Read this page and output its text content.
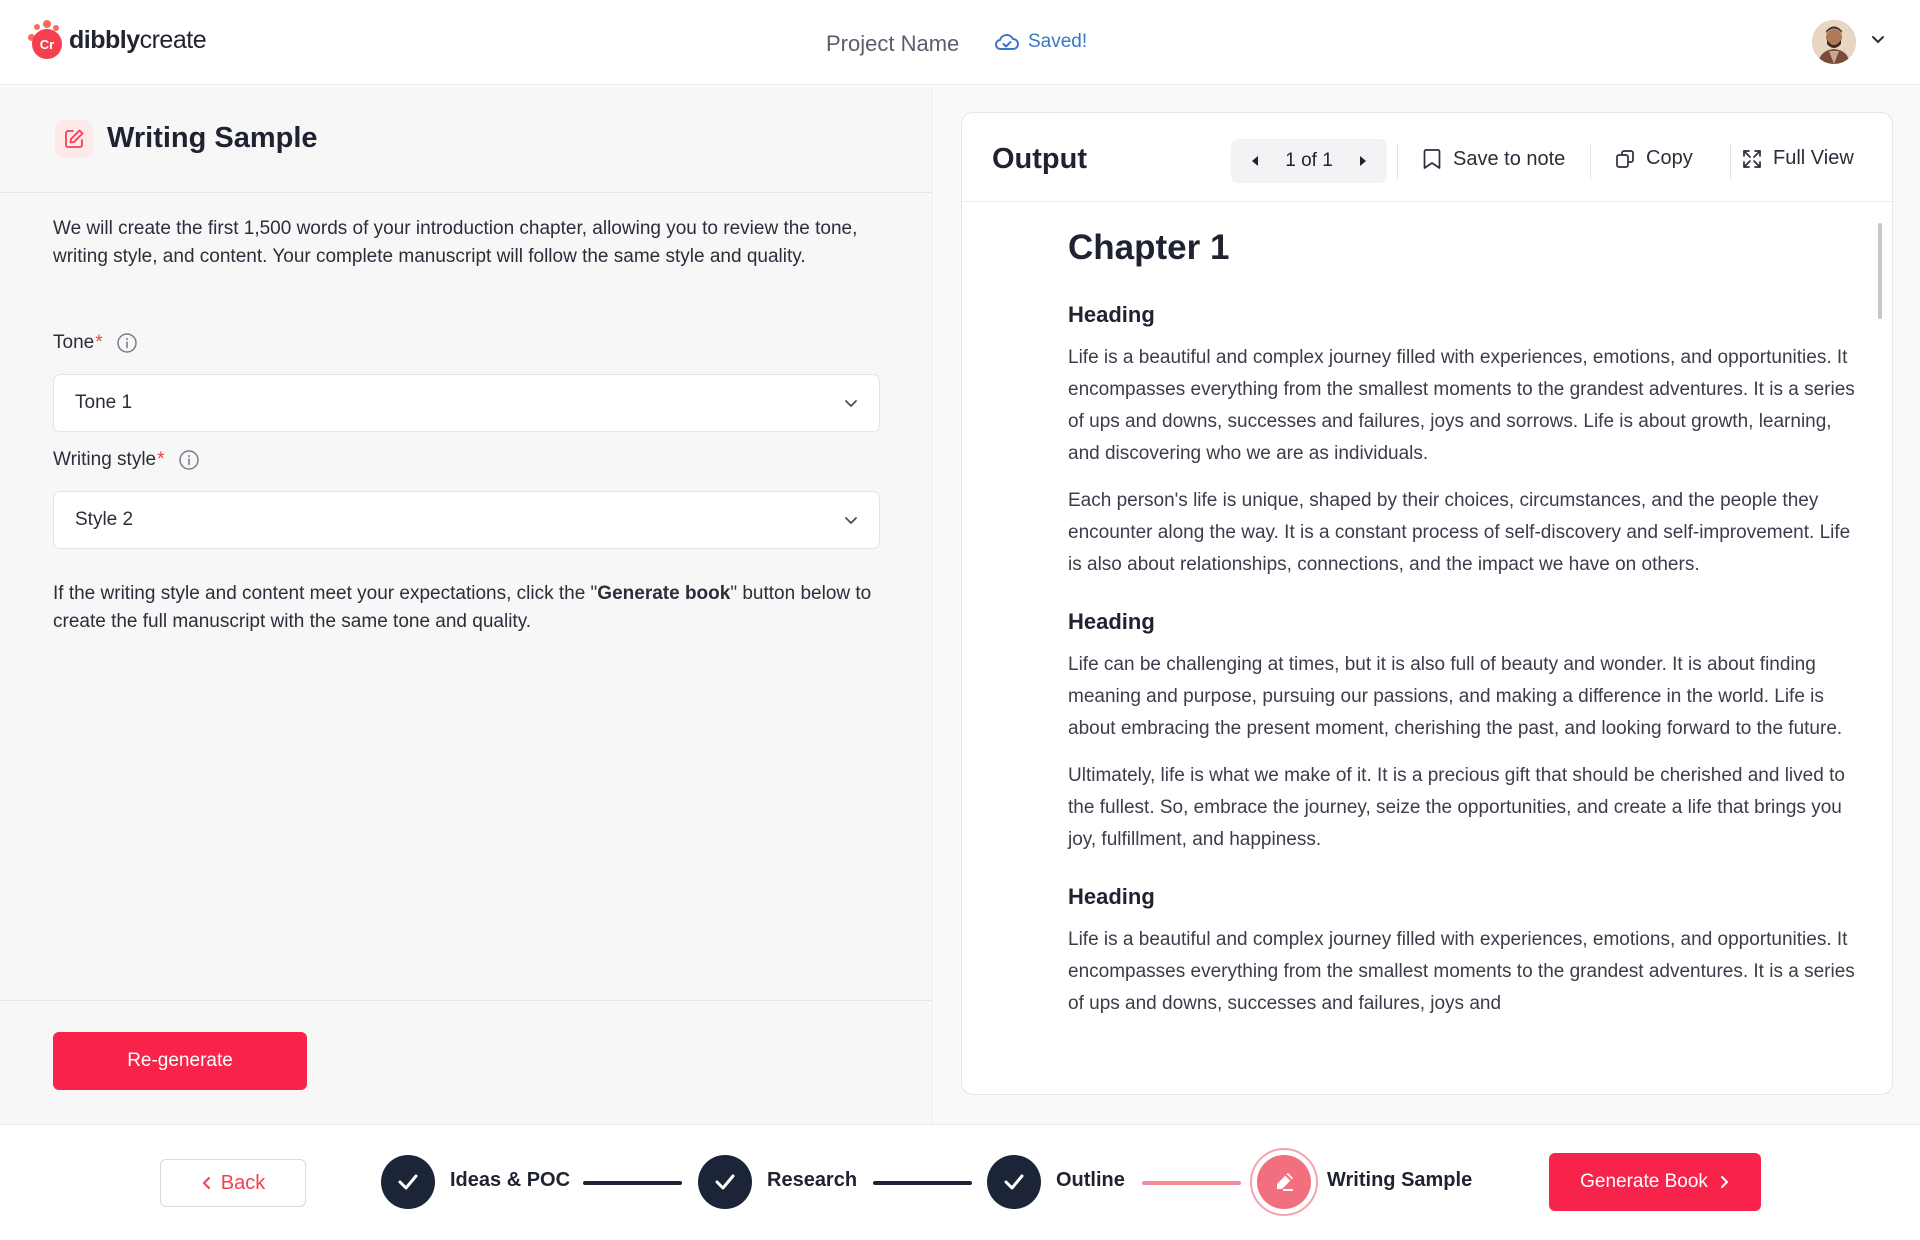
Cr dibblycreate	Project Name	Saved!
Writing Sample

We will create the first 1,500 words of your introduction chapter, allowing you to review the tone, writing style, and content. Your complete manuscript will follow the same style and quality.

Tone *
Tone 1
Writing style *
Style 2

If the writing style and content meet your expectations, click the "Generate book" button below to create the full manuscript with the same tone and quality.

Re-generate
Output	1 of 1	Save to note	Copy	Full View
Chapter 1
Heading

Life is a beautiful and complex journey filled with experiences, emotions, and opportunities. It encompasses everything from the smallest moments to the grandest adventures. It is a series of ups and downs, successes and failures, joys and sorrows. Life is about growth, learning, and discovering who we are as individuals.

Each person's life is unique, shaped by their choices, circumstances, and the people they encounter along the way. It is a constant process of self-discovery and self-improvement. Life is also about relationships, connections, and the impact we have on others.

Heading

Life can be challenging at times, but it is also full of beauty and wonder. It is about finding meaning and purpose, pursuing our passions, and making a difference in the world. Life is about embracing the present moment, cherishing the past, and looking forward to the future.

Ultimately, life is what we make of it. It is a precious gift that should be cherished and lived to the fullest. So, embrace the journey, seize the opportunities, and create a life that brings you joy, fulfillment, and happiness.

Heading

Life is a beautiful and complex journey filled with experiences, emotions, and opportunities. It encompasses everything from the smallest moments to the grandest adventures. It is a series of ups and downs, successes and failures, joys and

Back	Ideas & POC	Research	Outline	Writing Sample	Generate Book
